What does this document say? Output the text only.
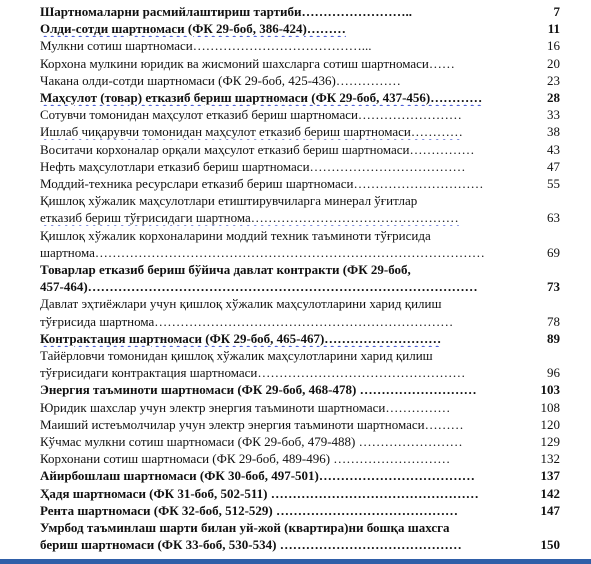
Шартномаларни расмийлаштириш тартиби……………………..	7
Олди-сотди шартномаси (ФК 29-боб, 386-424)………	11
Мулкни сотиш шартномаси…………………………………...	16
Корхона мулкини юридик ва жисмоний шахсларга сотиш шартномаси……	20
Чакана олди-сотди шартномаси (ФК 29-боб, 425-436)……………	23
Маҳсулот (товар) етказиб бериш шартномаси (ФК 29-боб, 437-456)…………	28
Сотувчи томонидан маҳсулот етказиб бериш шартномаси……………………	33
Ишлаб чиқарувчи томонидан маҳсулот етказиб бериш шартномаси…………	38
Воситачи корхоналар орқали маҳсулот етказиб бериш шартномаси……………	43
Нефть маҳсулотлари етказиб бериш шартномаси………………………………	47
Моддий-техника ресурслари етказиб бериш шартномаси…………………………	55
Қишлоқ хўжалик маҳсулотлари етиштирувчиларга минерал ўғитлар
етказиб бериш тўғрисидаги шартнома…………………………………………	63
Қишлоқ хўжалик корхоналарини моддий техник таъминоти тўғрисида
шартнома………………………………………………………………………………	69
Товарлар етказиб бериш бўйича давлат контракти (ФК 29-боб,
457-464)………………………………………………………………………………	73
Давлат эҳтиёжлари учун қишлоқ хўжалик маҳсулотларини харид қилиш
тўғрисида шартнома……………………………………………………………	78
Контрактация шартномаси (ФК 29-боб, 465-467)………………………	89
Тайёрловчи томонидан қишлоқ хўжалик маҳсулотларини харид қилиш
тўғрисидаги контрактация шартномаси…………………………………………	96
Энергия таъминоти шартномаси (ФК 29-боб, 468-478) ………………………	103
Юридик шахслар учун электр энергия таъминоти шартномаси……………	108
Маиший истеъмолчилар учун электр энергия таъминоти шартномаси………	120
Кўчмас мулкни сотиш шартномаси (ФК 29-боб, 479-488) ……………………	129
Корхонани сотиш шартномаси (ФК 29-боб, 489-496) ………………………	132
Айирбошлаш шартномаси (ФК 30-боб, 497-501)………………………………	137
Ҳадя шартномаси (ФК 31-боб, 502-511) …………………………………………	142
Рента шартномаси (ФК 32-боб, 512-529) ……………………………………	147
Умрбод таъминлаш шарти билан уй-жой (квартира)ни бошқа шахсга
бериш шартномаси (ФК 33-боб, 530-534) ……………………………………	150
